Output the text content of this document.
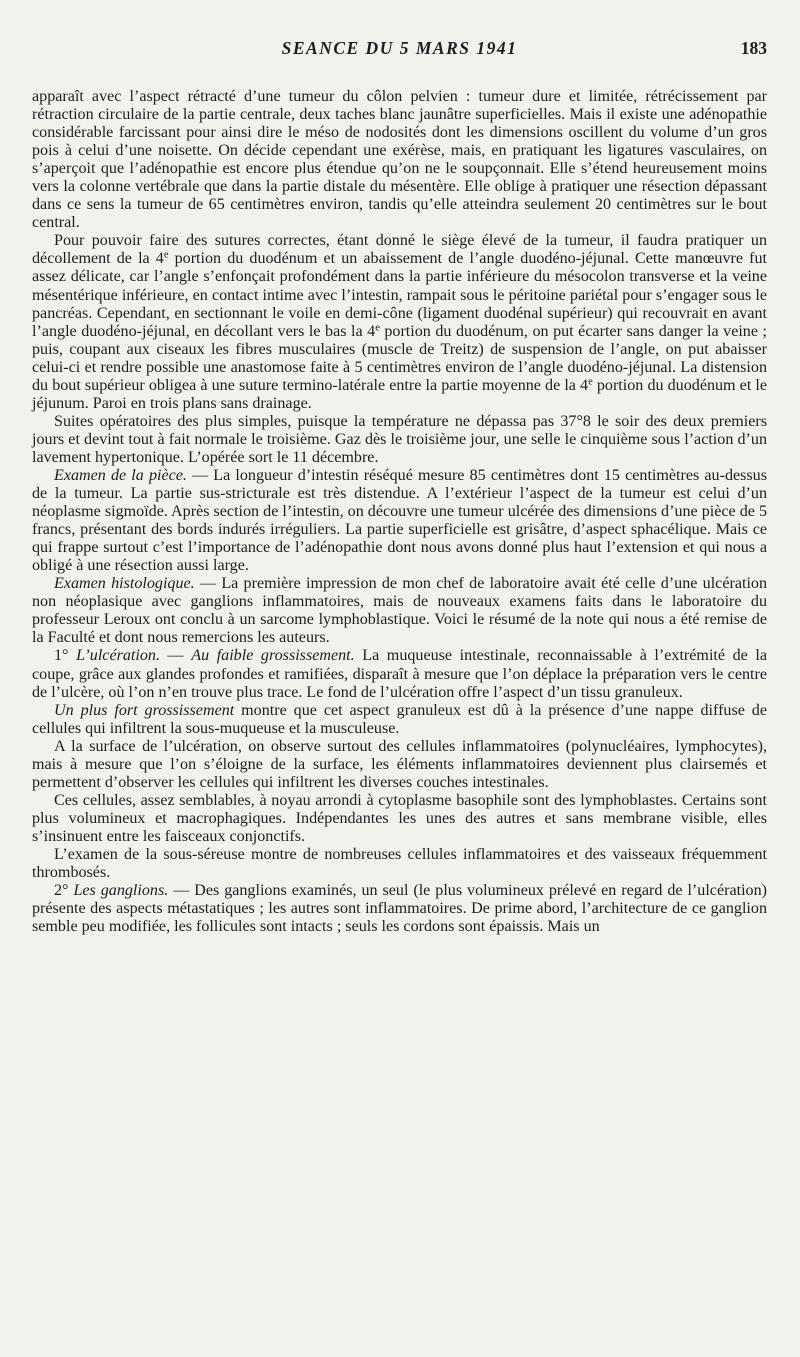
SEANCE DU 5 MARS 1941	183

apparaît avec l’aspect rétracté d’une tumeur du côlon pelvien : tumeur dure et limitée, rétrécissement par rétraction circulaire de la partie centrale, deux taches blanc jaunâtre superficielles. Mais il existe une adénopathie considérable farcissant pour ainsi dire le méso de nodosités dont les dimensions oscillent du volume d’un gros pois à celui d’une noisette. On décide cependant une exérèse, mais, en pratiquant les ligatures vasculaires, on s’aperçoit que l’adénopathie est encore plus étendue qu’on ne le soupçonnait. Elle s’étend heureusement moins vers la colonne vertébrale que dans la partie distale du mésentère. Elle oblige à pratiquer une résection dépassant dans ce sens la tumeur de 65 centimètres environ, tandis qu’elle atteindra seulement 20 centimètres sur le bout central.

Pour pouvoir faire des sutures correctes, étant donné le siège élevé de la tumeur, il faudra pratiquer un décollement de la 4e portion du duodénum et un abaissement de l’angle duodéno-jéjunal. Cette manœuvre fut assez délicate, car l’angle s’enfonçait profondément dans la partie inférieure du mésocolon transverse et la veine mésentérique inférieure, en contact intime avec l’intestin, rampait sous le péritoine pariétal pour s’engager sous le pancréas. Cependant, en sectionnant le voile en demi-cône (ligament duodénal supérieur) qui recouvrait en avant l’angle duodéno-jéjunal, en décollant vers le bas la 4e portion du duodénum, on put écarter sans danger la veine ; puis, coupant aux ciseaux les fibres musculaires (muscle de Treitz) de suspension de l’angle, on put abaisser celui-ci et rendre possible une anastomose faite à 5 centimètres environ de l’angle duodéno-jéjunal. La distension du bout supérieur obligea à une suture termino-latérale entre la partie moyenne de la 4e portion du duodénum et le jéjunum. Paroi en trois plans sans drainage.

Suites opératoires des plus simples, puisque la température ne dépassa pas 37°8 le soir des deux premiers jours et devint tout à fait normale le troisième. Gaz dès le troisième jour, une selle le cinquième sous l’action d’un lavement hypertonique. L’opérée sort le 11 décembre.

Examen de la pièce. — La longueur d’intestin réséqué mesure 85 centimètres dont 15 centimètres au-dessus de la tumeur. La partie sus-stricturale est très distendue. A l’extérieur l’aspect de la tumeur est celui d’un néoplasme sigmoïde. Après section de l’intestin, on découvre une tumeur ulcérée des dimensions d’une pièce de 5 francs, présentant des bords indurés irréguliers. La partie superficielle est grisâtre, d’aspect sphacélique. Mais ce qui frappe surtout c’est l’importance de l’adénopathie dont nous avons donné plus haut l’extension et qui nous a obligé à une résection aussi large.

Examen histologique. — La première impression de mon chef de laboratoire avait été celle d’une ulcération non néoplasique avec ganglions inflammatoires, mais de nouveaux examens faits dans le laboratoire du professeur Leroux ont conclu à un sarcome lymphoblastique. Voici le résumé de la note qui nous a été remise de la Faculté et dont nous remercions les auteurs.

1° L’ulcération. — Au faible grossissement. La muqueuse intestinale, reconnaissable à l’extrémité de la coupe, grâce aux glandes profondes et ramifiées, disparaît à mesure que l’on déplace la préparation vers le centre de l’ulcère, où l’on n’en trouve plus trace. Le fond de l’ulcération offre l’aspect d’un tissu granuleux.

Un plus fort grossissement montre que cet aspect granuleux est dû à la présence d’une nappe diffuse de cellules qui infiltrent la sous-muqueuse et la musculeuse.

A la surface de l’ulcération, on observe surtout des cellules inflammatoires (polynucléaires, lymphocytes), mais à mesure que l’on s’éloigne de la surface, les éléments inflammatoires deviennent plus clairsemés et permettent d’observer les cellules qui infiltrent les diverses couches intestinales.

Ces cellules, assez semblables, à noyau arrondi à cytoplasme basophile sont des lymphoblastes. Certains sont plus volumineux et macrophagiques. Indépendantes les unes des autres et sans membrane visible, elles s’insinuent entre les faisceaux conjonctifs.

L’examen de la sous-séreuse montre de nombreuses cellules inflammatoires et des vaisseaux fréquemment thrombosés.

2° Les ganglions. — Des ganglions examinés, un seul (le plus volumineux prélevé en regard de l’ulcération) présente des aspects métastatiques ; les autres sont inflammatoires. De prime abord, l’architecture de ce ganglion semble peu modifiée, les follicules sont intacts ; seuls les cordons sont épaissis. Mais un
